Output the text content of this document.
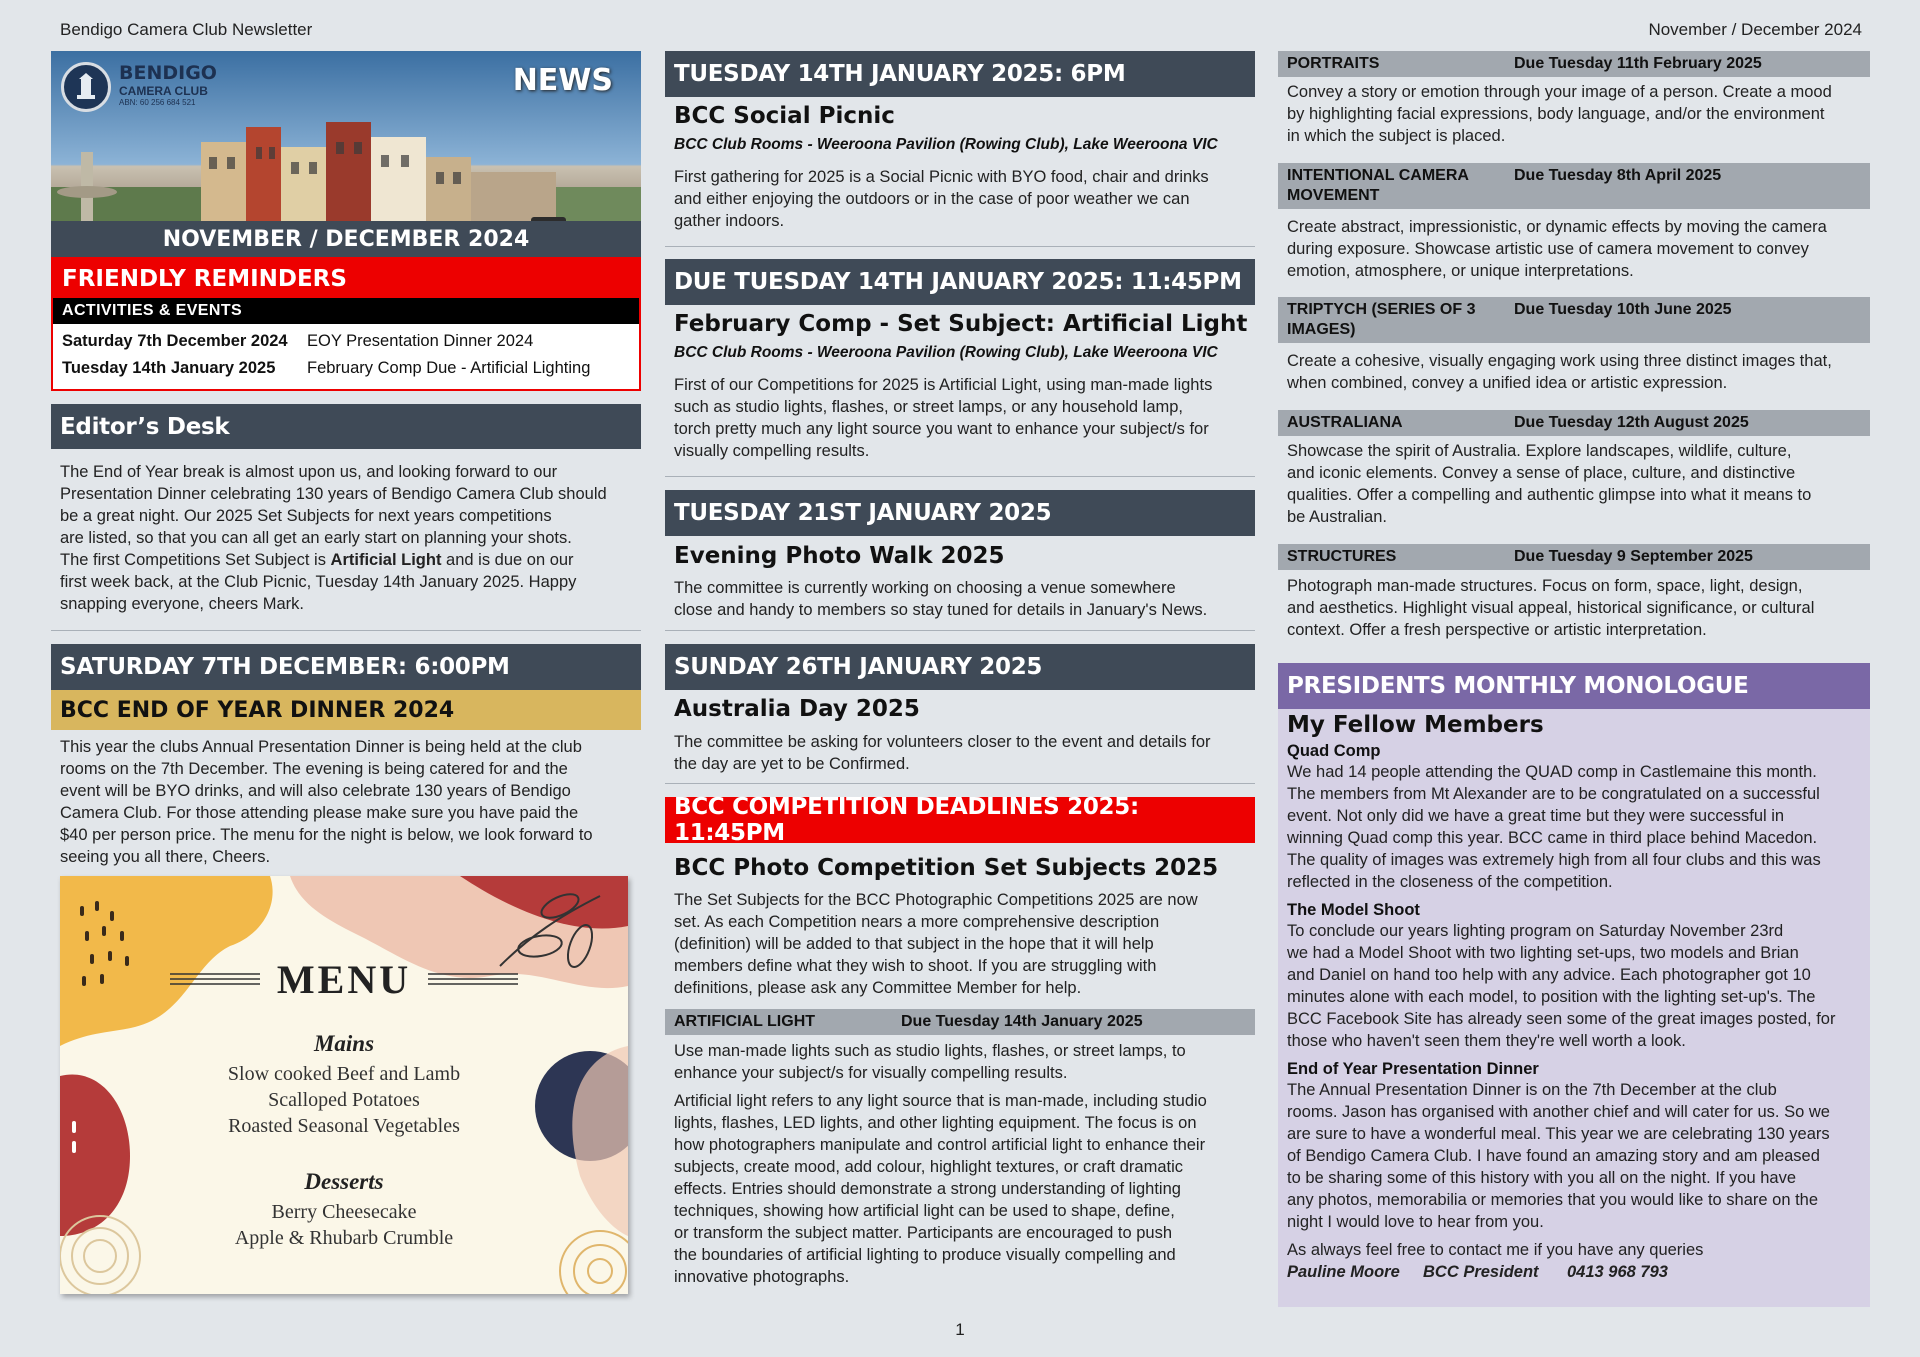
Bendigo Camera Club Newsletter	November / December 2024
1
BENDIGO
CAMERA CLUB
ABN: 60 256 684 521
NEWS
NOVEMBER / DECEMBER 2024
FRIENDLY REMINDERS
ACTIVITIES & EVENTS
Saturday 7th December 2024	EOY Presentation Dinner 2024
Tuesday 14th January 2025	February Comp Due - Artificial Lighting
Editor’s Desk
The End of Year break is almost upon us, and looking forward to our
Presentation Dinner celebrating 130 years of Bendigo Camera Club should
be a great night. Our 2025 Set Subjects for next years competitions
are listed, so that you can all get an early start on planning your shots.
The first Competitions Set Subject is Artificial Light and is due on our
first week back, at the Club Picnic, Tuesday 14th January 2025. Happy
snapping everyone, cheers Mark.
SATURDAY 7TH DECEMBER: 6:00PM
BCC END OF YEAR DINNER 2024
This year the clubs Annual Presentation Dinner is being held at the club
rooms on the 7th December. The evening is being catered for and the
event will be BYO drinks, and will also celebrate 130 years of Bendigo
Camera Club. For those attending please make sure you have paid the
$40 per person price. The menu for the night is below, we look forward to
seeing you all there, Cheers.
MENU
Mains
Slow cooked Beef and Lamb
Scalloped Potatoes
Roasted Seasonal Vegetables
Desserts
Berry Cheesecake
Apple & Rhubarb Crumble
TUESDAY 14TH JANUARY 2025: 6PM
BCC Social Picnic
BCC Club Rooms - Weeroona Pavilion (Rowing Club), Lake Weeroona VIC
First gathering for 2025 is a Social Picnic with BYO food, chair and drinks
and either enjoying the outdoors or in the case of poor weather we can
gather indoors.
DUE TUESDAY 14TH JANUARY 2025: 11:45PM
February Comp - Set Subject: Artificial Light
BCC Club Rooms - Weeroona Pavilion (Rowing Club), Lake Weeroona VIC
First of our Competitions for 2025 is Artificial Light, using man-made lights
such as studio lights, flashes, or street lamps, or any household lamp,
torch pretty much any light source you want to enhance your subject/s for
visually compelling results.
TUESDAY 21ST JANUARY 2025
Evening Photo Walk 2025
The committee is currently working on choosing a venue somewhere
close and handy to members so stay tuned for details in January's News.
SUNDAY 26TH JANUARY 2025
Australia Day 2025
The committee be asking for volunteers closer to the event and details for
the day are yet to be Confirmed.
BCC COMPETITION DEADLINES 2025: 11:45PM
BCC Photo Competition Set Subjects 2025
The Set Subjects for the BCC Photographic Competitions 2025 are now
set. As each Competition nears a more comprehensive description
(definition) will be added to that subject in the hope that it will help
members define what they wish to shoot. If you are struggling with
definitions, please ask any Committee Member for help.
ARTIFICIAL LIGHT	Due Tuesday 14th January 2025
Use man-made lights such as studio lights, flashes, or street lamps, to
enhance your subject/s for visually compelling results.
Artificial light refers to any light source that is man-made, including studio
lights, flashes, LED lights, and other lighting equipment. The focus is on
how photographers manipulate and control artificial light to enhance their
subjects, create mood, add colour, highlight textures, or craft dramatic
effects. Entries should demonstrate a strong understanding of lighting
techniques, showing how artificial light can be used to shape, define,
or transform the subject matter. Participants are encouraged to push
the boundaries of artificial lighting to produce visually compelling and
innovative photographs.
PORTRAITS	Due Tuesday 11th February 2025
Convey a story or emotion through your image of a person. Create a mood
by highlighting facial expressions, body language, and/or the environment
in which the subject is placed.
INTENTIONAL CAMERA MOVEMENT
Due Tuesday 8th April 2025
Create abstract, impressionistic, or dynamic effects by moving the camera
during exposure. Showcase artistic use of camera movement to convey
emotion, atmosphere, or unique interpretations.
TRIPTYCH (SERIES OF 3 IMAGES)
Due Tuesday 10th June 2025
Create a cohesive, visually engaging work using three distinct images that,
when combined, convey a unified idea or artistic expression.
AUSTRALIANA	Due Tuesday 12th August 2025
Showcase the spirit of Australia. Explore landscapes, wildlife, culture,
and iconic elements. Convey a sense of place, culture, and distinctive
qualities. Offer a compelling and authentic glimpse into what it means to
be Australian.
STRUCTURES	Due Tuesday 9 September 2025
Photograph man-made structures. Focus on form, space, light, design,
and aesthetics. Highlight visual appeal, historical significance, or cultural
context. Offer a fresh perspective or artistic interpretation.
PRESIDENTS MONTHLY MONOLOGUE
My Fellow Members
Quad Comp
We had 14 people attending the QUAD comp in Castlemaine this month.
The members from Mt Alexander are to be congratulated on a successful
event. Not only did we have a great time but they were successful in
winning Quad comp this year. BCC came in third place behind Macedon.
The quality of images was extremely high from all four clubs and this was
reflected in the closeness of the competition.
The Model Shoot
To conclude our years lighting program on Saturday November 23rd
we had a Model Shoot with two lighting set-ups, two models and Brian
and Daniel on hand too help with any advice. Each photographer got 10
minutes alone with each model, to position with the lighting set-up's. The
BCC Facebook Site has already seen some of the great images posted, for
those who haven't seen them they're well worth a look.
End of Year Presentation Dinner
The Annual Presentation Dinner is on the 7th December at the club
rooms. Jason has organised with another chief and will cater for us. So we
are sure to have a wonderful meal. This year we are celebrating 130 years
of Bendigo Camera Club. I have found an amazing story and am pleased
to be sharing some of this history with you all on the night. If you have
any photos, memorabilia or memories that you would like to share on the
night I would love to hear from you.
As always feel free to contact me if you have any queries
Pauline Moore	BCC President	0413 968 793
